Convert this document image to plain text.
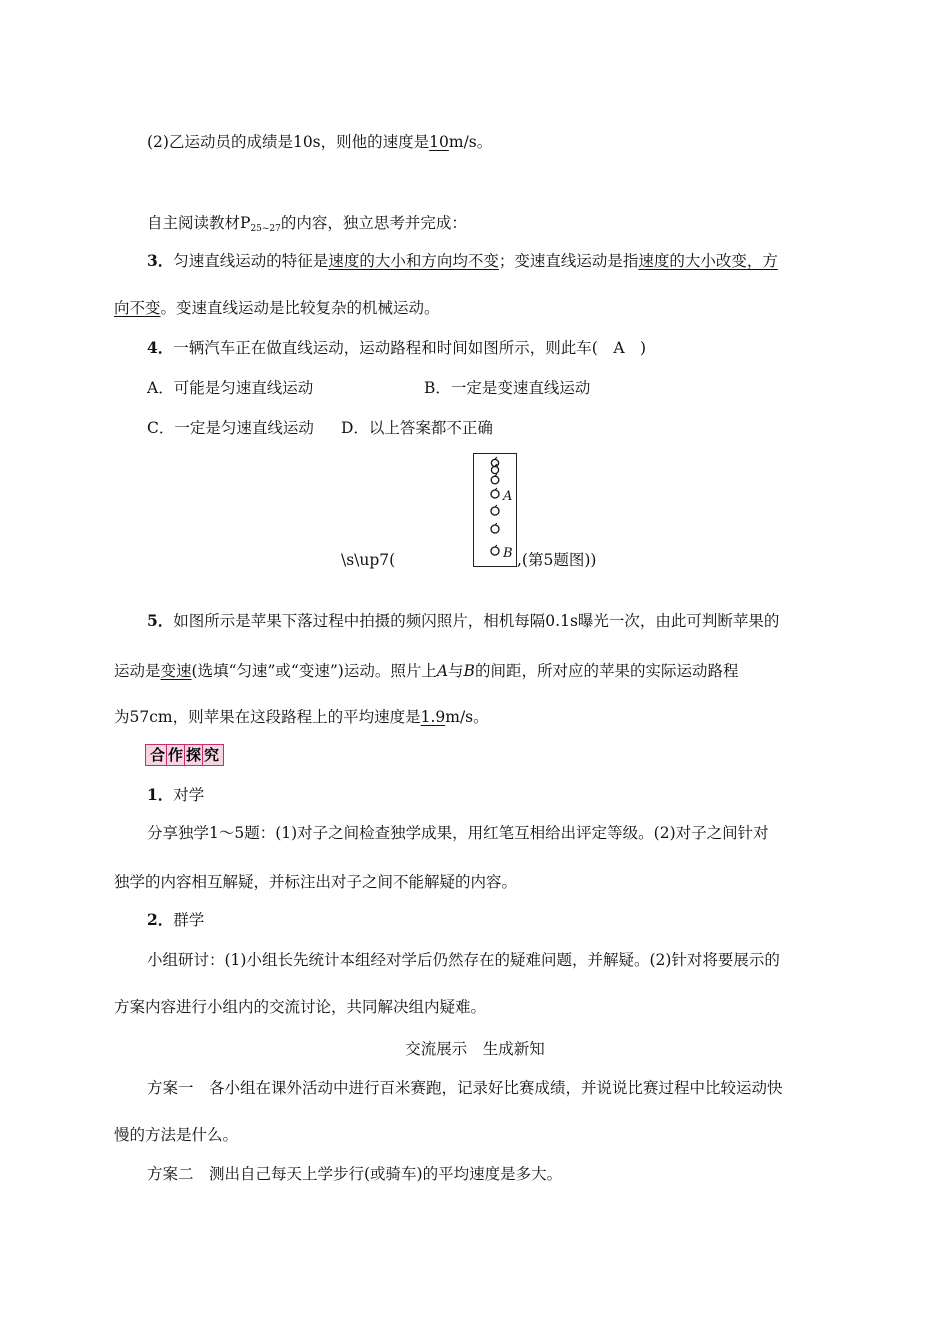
(2)乙运动员的成绩是10s，则他的速度是10m/s。
自主阅读教材$P_{25\sim 27}$的内容，独立思考并完成：
3．匀速直线运动的特征是速度的大小和方向均不变；变速直线运动是指速度的大小改变，方
向不变。变速直线运动是比较复杂的机械运动。
4．一辆汽车正在做直线运动，运动路程和时间如图所示，则此车(　A　)
A．可能是匀速直线运动	B．一定是变速直线运动
C．一定是匀速直线运动 D．以上答案都不正确
\s\up7(
A
B ,(第5题图))
5．如图所示是苹果下落过程中拍摄的频闪照片，相机每隔0.1s曝光一次，由此可判断苹果的
运动是变速(选填“匀速”或“变速”)运动。照片上A与B的间距，所对应的苹果的实际运动路程
为57cm，则苹果在这段路程上的平均速度是1.9m/s。
合 作 探 究
1．对学
分享独学1～5题：(1)对子之间检查独学成果，用红笔互相给出评定等级。(2)对子之间针对
独学的内容相互解疑，并标注出对子之间不能解疑的内容。
2．群学
小组研讨：(1)小组长先统计本组经对学后仍然存在的疑难问题，并解疑。(2)针对将要展示的
方案内容进行小组内的交流讨论，共同解决组内疑难。
交流展示　生成新知
方案一　各小组在课外活动中进行百米赛跑，记录好比赛成绩，并说说比赛过程中比较运动快
慢的方法是什么。
方案二　测出自己每天上学步行(或骑车)的平均速度是多大。
